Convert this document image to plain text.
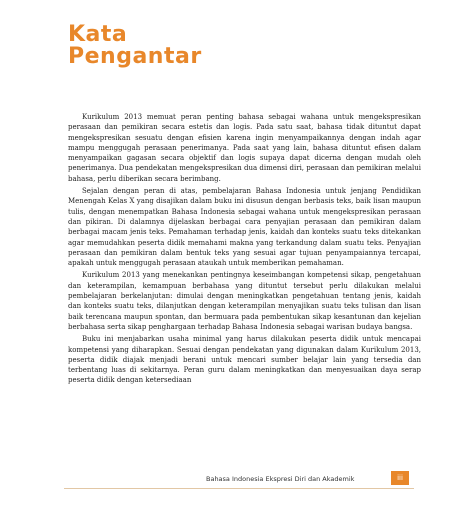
Kata
Pengantar

Kurikulum 2013 memuat peran penting bahasa sebagai wahana untuk mengekspresikan perasaan dan pemikiran secara estetis dan logis. Pada satu saat, bahasa tidak dituntut dapat mengekspresikan sesuatu dengan efisien karena ingin menyampaikannya dengan indah agar mampu menggugah perasaan penerimanya. Pada saat yang lain, bahasa dituntut efisen dalam menyampaikan gagasan secara objektif dan logis supaya dapat dicerna dengan mudah oleh penerimanya. Dua pendekatan mengekspresikan dua dimensi diri, perasaan dan pemikiran melalui bahasa, perlu diberikan secara berimbang.

Sejalan dengan peran di atas, pembelajaran Bahasa Indonesia untuk jenjang Pendidikan Menengah Kelas X yang disajikan dalam buku ini disusun dengan berbasis teks, baik lisan maupun tulis, dengan menempatkan Bahasa Indonesia sebagai wahana untuk mengekspresikan perasaan dan pikiran. Di dalamnya dijelaskan berbagai cara penyajian perasaan dan pemikiran dalam berbagai macam jenis teks. Pemahaman terhadap jenis, kaidah dan konteks suatu teks ditekankan agar memudahkan peserta didik memahami makna yang terkandung dalam suatu teks. Penyajian perasaan dan pemikiran dalam bentuk teks yang sesuai agar tujuan penyampaiannya tercapai, apakah untuk menggugah perasaan ataukah untuk memberikan pemahaman.

Kurikulum 2013 yang menekankan pentingnya keseimbangan kompetensi sikap, pengetahuan dan keterampilan, kemampuan berbahasa yang dituntut tersebut perlu dilakukan melalui pembelajaran berkelanjutan: dimulai dengan meningkatkan pengetahuan tentang jenis, kaidah dan konteks suatu teks, dilanjutkan dengan keterampilan menyajikan suatu teks tulisan dan lisan baik terencana maupun spontan, dan bermuara pada pembentukan sikap kesantunan dan kejelian berbahasa serta sikap penghargaan terhadap Bahasa Indonesia sebagai warisan budaya bangsa.

Buku ini menjabarkan usaha minimal yang harus dilakukan peserta didik untuk mencapai kompetensi yang diharapkan. Sesuai dengan pendekatan yang digunakan dalam Kurikulum 2013, peserta didik diajak menjadi berani untuk mencari sumber belajar lain yang tersedia dan terbentang luas di sekitarnya. Peran guru dalam meningkatkan dan menyesuaikan daya serap peserta didik dengan ketersediaan

Bahasa Indonesia Ekspresi Diri dan Akademik	iii
